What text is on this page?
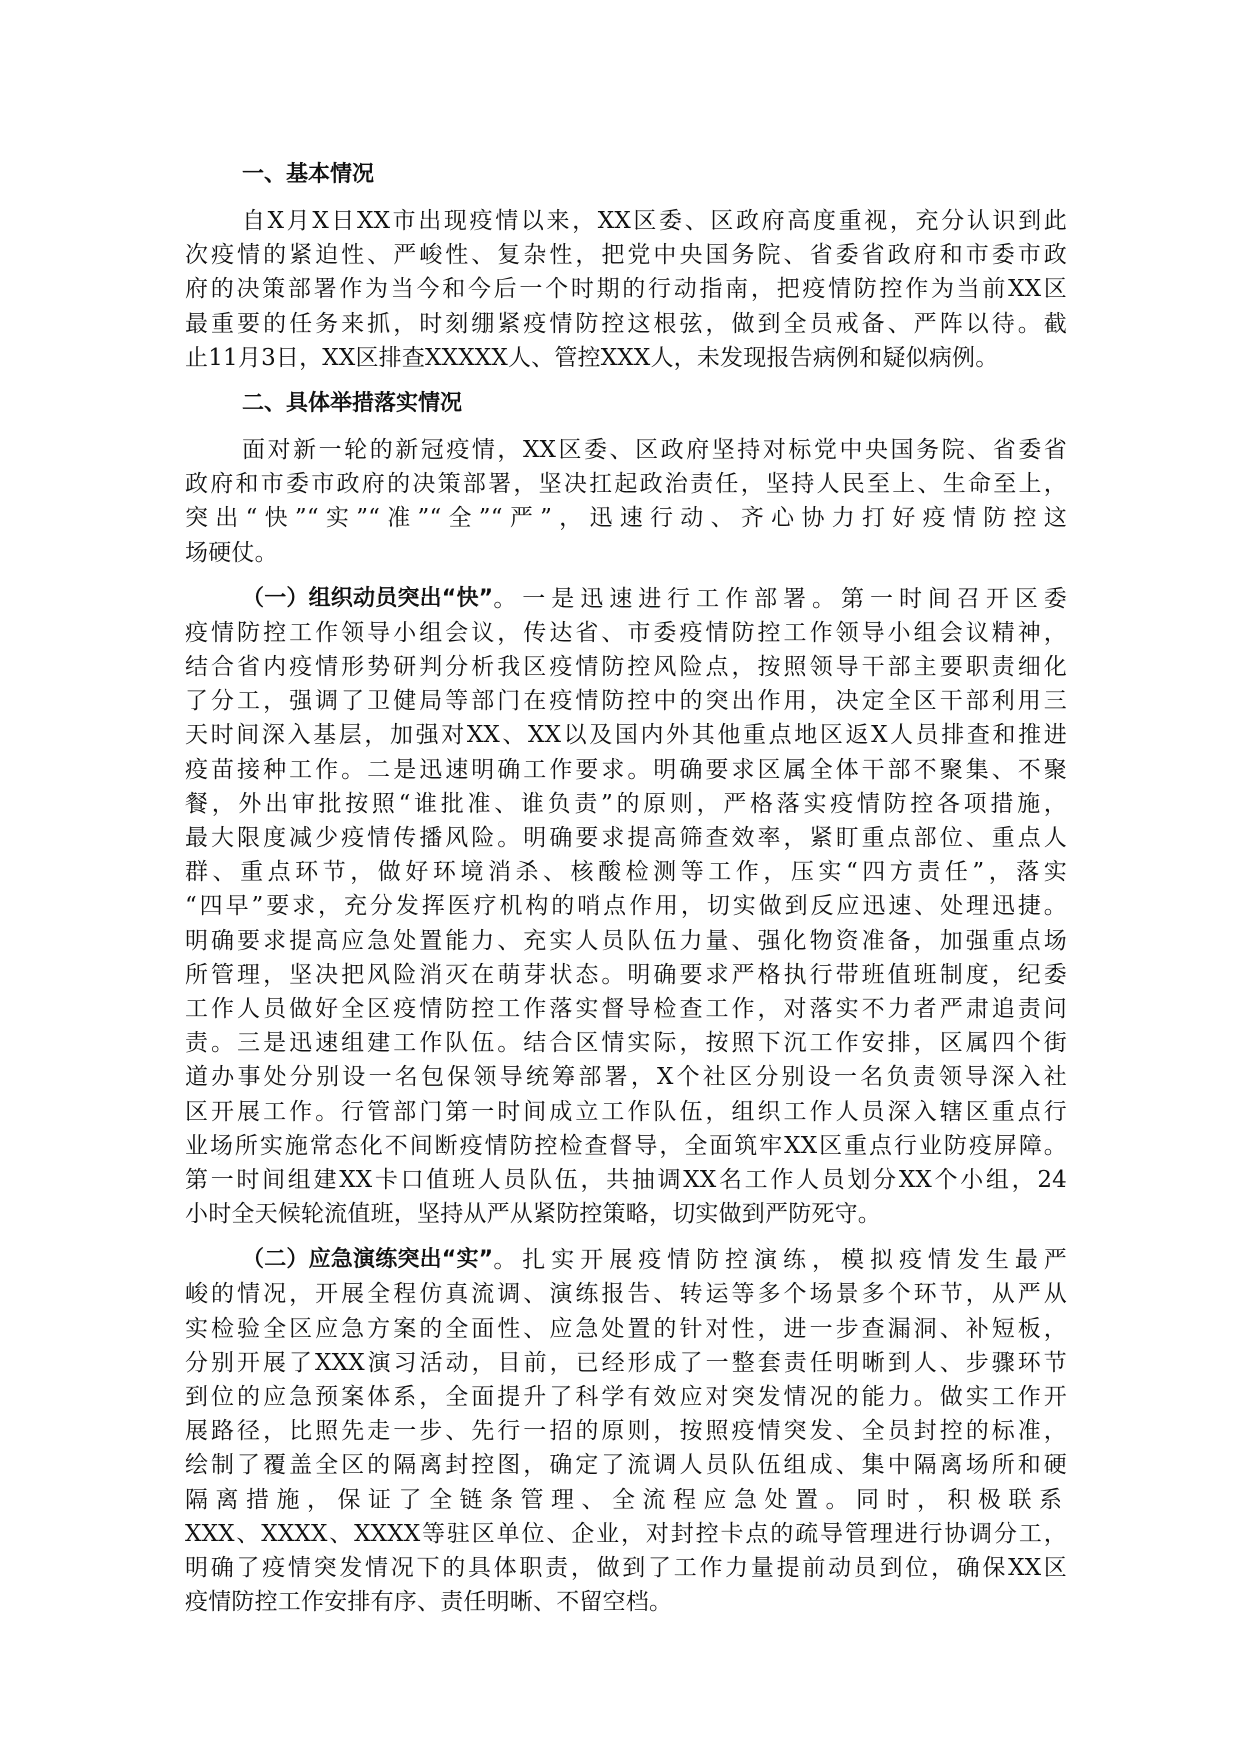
一、基本情况
自X月X日XX市出现疫情以来，XX区委、区政府高度重视，充分认识到此
次疫情的紧迫性、严峻性、复杂性，把党中央国务院、省委省政府和市委市政
府的决策部署作为当今和今后一个时期的行动指南，把疫情防控作为当前XX区
最重要的任务来抓，时刻绷紧疫情防控这根弦，做到全员戒备、严阵以待。截
止11月3日，XX区排查XXXXX人、管控XXX人，未发现报告病例和疑似病例。
二、具体举措落实情况
面对新一轮的新冠疫情，XX区委、区政府坚持对标党中央国务院、省委省
政府和市委市政府的决策部署，坚决扛起政治责任，坚持人民至上、生命至上，
突出“快”“实”“准”“全”“严”，迅速行动、齐心协力打好疫情防控这
场硬仗。
（一）组织动员突出“快” 。一是迅速进行工作部署。第一时间召开区委
疫情防控工作领导小组会议，传达省、市委疫情防控工作领导小组会议精神，
结合省内疫情形势研判分析我区疫情防控风险点，按照领导干部主要职责细化
了分工，强调了卫健局等部门在疫情防控中的突出作用，决定全区干部利用三
天时间深入基层，加强对XX、XX以及国内外其他重点地区返X人员排查和推进
疫苗接种工作。二是迅速明确工作要求。明确要求区属全体干部不聚集、不聚
餐，外出审批按照“谁批准、谁负责”的原则，严格落实疫情防控各项措施，
最大限度减少疫情传播风险。明确要求提高筛查效率，紧盯重点部位、重点人
群、重点环节，做好环境消杀、核酸检测等工作，压实“四方责任”，落实
“四早”要求，充分发挥医疗机构的哨点作用，切实做到反应迅速、处理迅捷。
明确要求提高应急处置能力、充实人员队伍力量、强化物资准备，加强重点场
所管理，坚决把风险消灭在萌芽状态。明确要求严格执行带班值班制度，纪委
工作人员做好全区疫情防控工作落实督导检查工作，对落实不力者严肃追责问
责。三是迅速组建工作队伍。结合区情实际，按照下沉工作安排，区属四个街
道办事处分别设一名包保领导统筹部署，X个社区分别设一名负责领导深入社
区开展工作。行管部门第一时间成立工作队伍，组织工作人员深入辖区重点行
业场所实施常态化不间断疫情防控检查督导，全面筑牢XX区重点行业防疫屏障。
第一时间组建XX卡口值班人员队伍，共抽调XX名工作人员划分XX个小组，24
小时全天候轮流值班，坚持从严从紧防控策略，切实做到严防死守。
（二）应急演练突出“实” 。扎实开展疫情防控演练，模拟疫情发生最严
峻的情况，开展全程仿真流调、演练报告、转运等多个场景多个环节，从严从
实检验全区应急方案的全面性、应急处置的针对性，进一步查漏洞、补短板，
分别开展了XXX演习活动，目前，已经形成了一整套责任明晰到人、步骤环节
到位的应急预案体系，全面提升了科学有效应对突发情况的能力。做实工作开
展路径，比照先走一步、先行一招的原则，按照疫情突发、全员封控的标准，
绘制了覆盖全区的隔离封控图，确定了流调人员队伍组成、集中隔离场所和硬
隔离措施，保证了全链条管理、全流程应急处置。同时，积极联系
XXX、XXXX、XXXX等驻区单位、企业，对封控卡点的疏导管理进行协调分工，
明确了疫情突发情况下的具体职责，做到了工作力量提前动员到位，确保XX区
疫情防控工作安排有序、责任明晰、不留空档。
